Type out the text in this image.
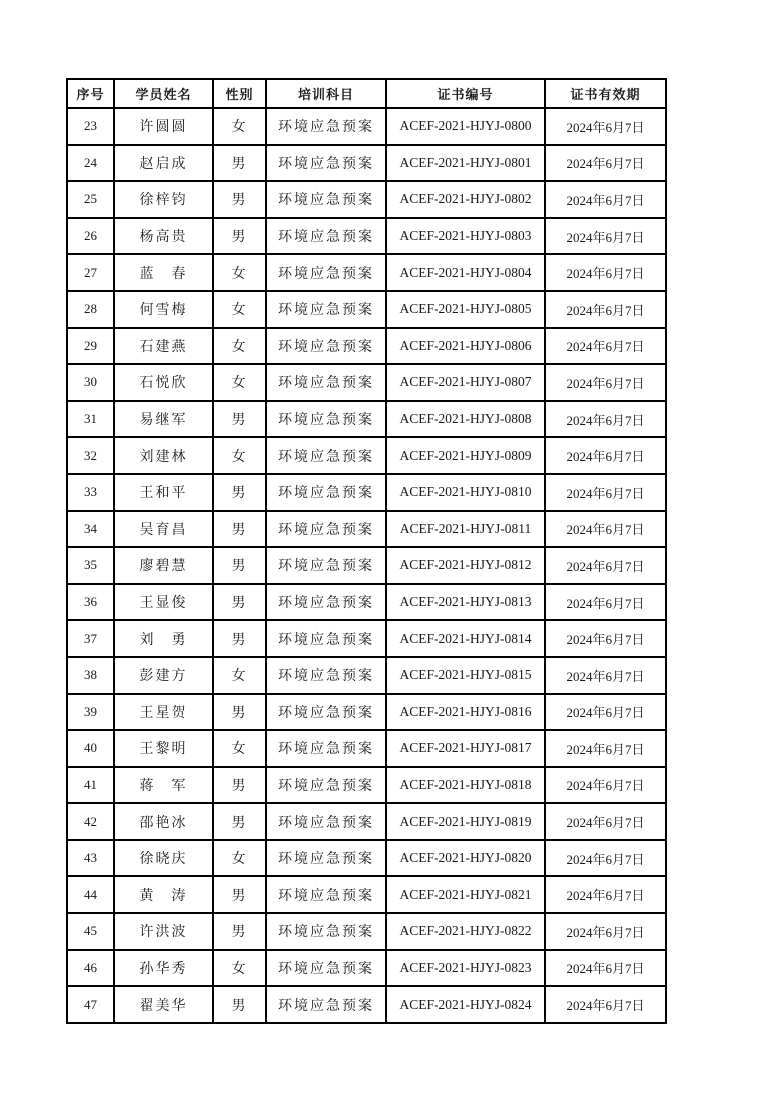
序号	学员姓名	性别	培训科目	证书编号	证书有效期
23	许圆圆	女	环境应急预案	ACEF-2021-HJYJ-0800	2024年6月7日
24	赵启成	男	环境应急预案	ACEF-2021-HJYJ-0801	2024年6月7日
25	徐梓钧	男	环境应急预案	ACEF-2021-HJYJ-0802	2024年6月7日
26	杨高贵	男	环境应急预案	ACEF-2021-HJYJ-0803	2024年6月7日
27	蓝　春	女	环境应急预案	ACEF-2021-HJYJ-0804	2024年6月7日
28	何雪梅	女	环境应急预案	ACEF-2021-HJYJ-0805	2024年6月7日
29	石建燕	女	环境应急预案	ACEF-2021-HJYJ-0806	2024年6月7日
30	石悦欣	女	环境应急预案	ACEF-2021-HJYJ-0807	2024年6月7日
31	易继军	男	环境应急预案	ACEF-2021-HJYJ-0808	2024年6月7日
32	刘建林	女	环境应急预案	ACEF-2021-HJYJ-0809	2024年6月7日
33	王和平	男	环境应急预案	ACEF-2021-HJYJ-0810	2024年6月7日
34	吴育昌	男	环境应急预案	ACEF-2021-HJYJ-0811	2024年6月7日
35	廖碧慧	男	环境应急预案	ACEF-2021-HJYJ-0812	2024年6月7日
36	王显俊	男	环境应急预案	ACEF-2021-HJYJ-0813	2024年6月7日
37	刘　勇	男	环境应急预案	ACEF-2021-HJYJ-0814	2024年6月7日
38	彭建方	女	环境应急预案	ACEF-2021-HJYJ-0815	2024年6月7日
39	王星贺	男	环境应急预案	ACEF-2021-HJYJ-0816	2024年6月7日
40	王黎明	女	环境应急预案	ACEF-2021-HJYJ-0817	2024年6月7日
41	蒋　军	男	环境应急预案	ACEF-2021-HJYJ-0818	2024年6月7日
42	邵艳冰	男	环境应急预案	ACEF-2021-HJYJ-0819	2024年6月7日
43	徐晓庆	女	环境应急预案	ACEF-2021-HJYJ-0820	2024年6月7日
44	黄　涛	男	环境应急预案	ACEF-2021-HJYJ-0821	2024年6月7日
45	许洪波	男	环境应急预案	ACEF-2021-HJYJ-0822	2024年6月7日
46	孙华秀	女	环境应急预案	ACEF-2021-HJYJ-0823	2024年6月7日
47	翟美华	男	环境应急预案	ACEF-2021-HJYJ-0824	2024年6月7日
